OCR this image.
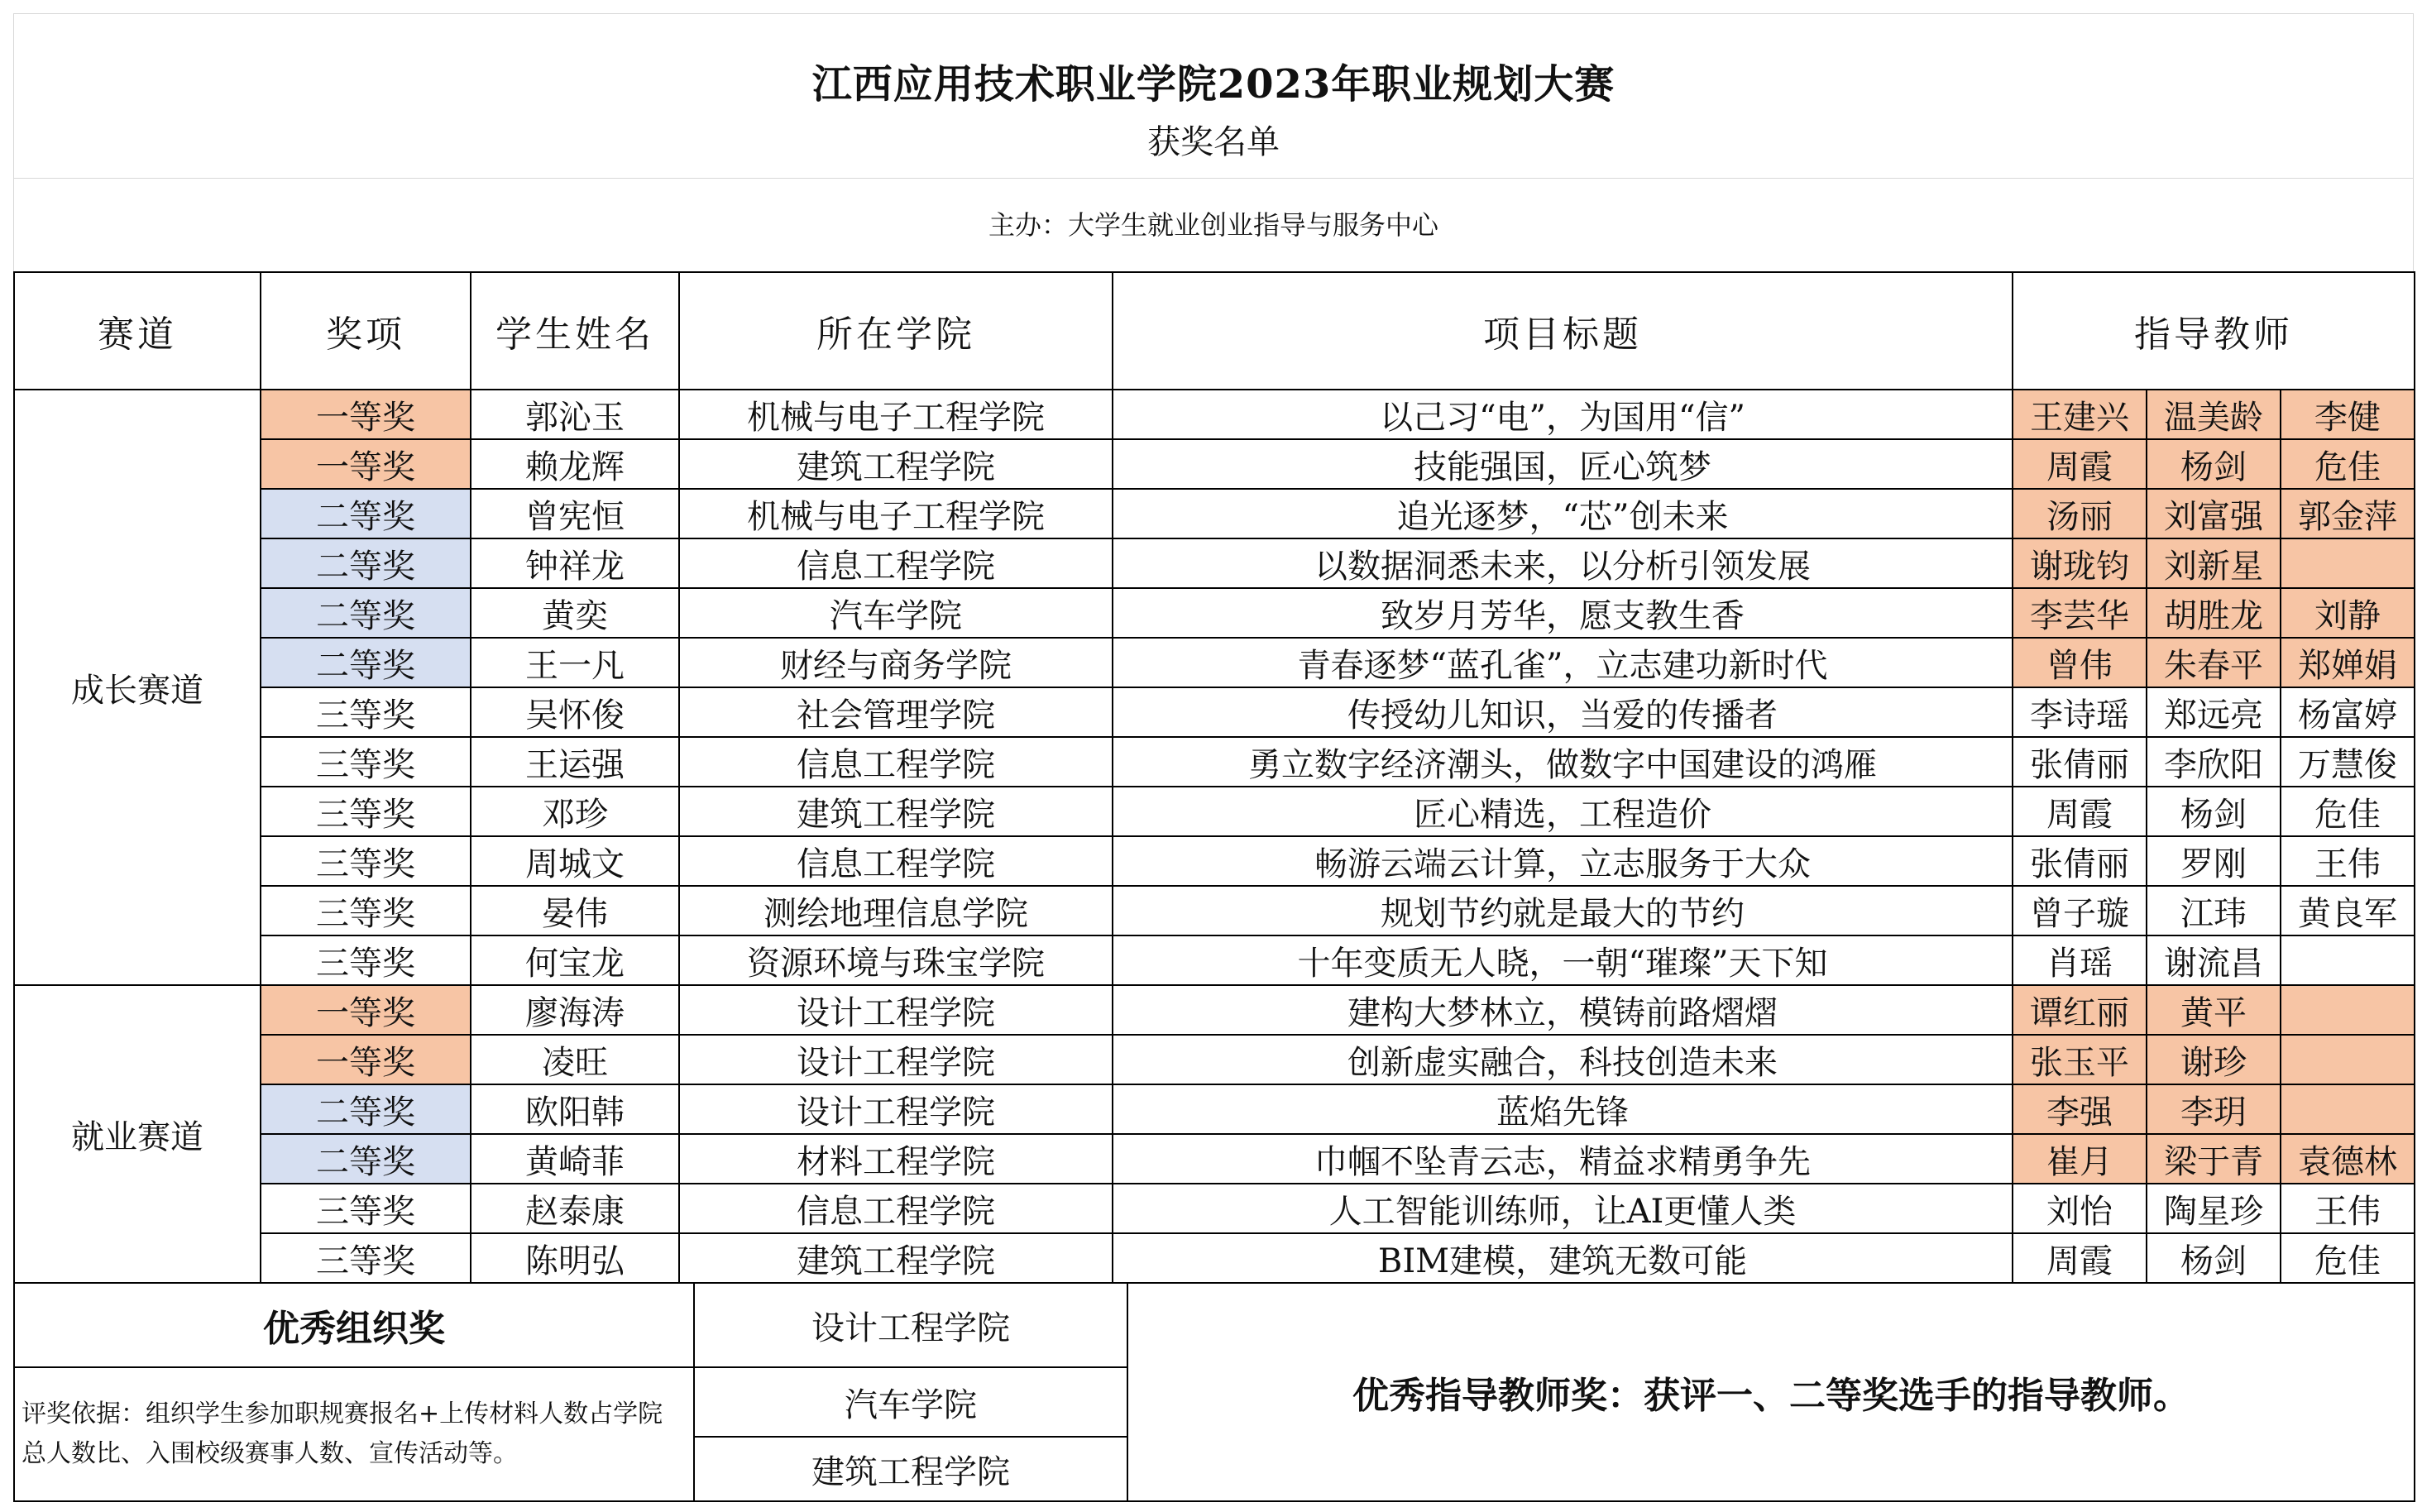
江西应用技术职业学院2023年职业规划大赛
获奖名单
主办：大学生就业创业指导与服务中心
赛道	奖项	学生姓名	所在学院	项目标题	指导教师		
成长赛道	一等奖	郭沁玉	机械与电子工程学院	以己习“电”，为国用“信”	王建兴	温美龄	李健
	一等奖	赖龙辉	建筑工程学院	技能强国，匠心筑梦	周霞	杨剑	危佳
	二等奖	曾宪恒	机械与电子工程学院	追光逐梦，“芯”创未来	汤丽	刘富强	郭金萍
	二等奖	钟祥龙	信息工程学院	以数据洞悉未来，以分析引领发展	谢珑钧	刘新星	
	二等奖	黄奕	汽车学院	致岁月芳华，愿支教生香	李芸华	胡胜龙	刘静
	二等奖	王一凡	财经与商务学院	青春逐梦“蓝孔雀”，立志建功新时代	曾伟	朱春平	郑婵娟
	三等奖	吴怀俊	社会管理学院	传授幼儿知识，当爱的传播者	李诗瑶	郑远亮	杨富婷
	三等奖	王运强	信息工程学院	勇立数字经济潮头，做数字中国建设的鸿雁	张倩丽	李欣阳	万慧俊
	三等奖	邓珍	建筑工程学院	匠心精选，工程造价	周霞	杨剑	危佳
	三等奖	周城文	信息工程学院	畅游云端云计算，立志服务于大众	张倩丽	罗刚	王伟
	三等奖	晏伟	测绘地理信息学院	规划节约就是最大的节约	曾子璇	江玮	黄良军
	三等奖	何宝龙	资源环境与珠宝学院	十年变质无人晓，一朝“璀璨”天下知	肖瑶	谢流昌	
就业赛道	一等奖	廖海涛	设计工程学院	建构大梦林立，模铸前路熠熠	谭红丽	黄平	
	一等奖	凌旺	设计工程学院	创新虚实融合，科技创造未来	张玉平	谢珍	
	二等奖	欧阳韩	设计工程学院	蓝焰先锋	李强	李玥	
	二等奖	黄崎菲	材料工程学院	巾帼不坠青云志，精益求精勇争先	崔月	梁于青	袁德林
	三等奖	赵泰康	信息工程学院	人工智能训练师，让AI更懂人类	刘怡	陶星珍	王伟
	三等奖	陈明弘	建筑工程学院	BIM建模，建筑无数可能	周霞	杨剑	危佳
优秀组织奖	设计工程学院	优秀指导教师奖：获评一、二等奖选手的指导教师。
评奖依据：组织学生参加职规赛报名+上传材料人数占学院总人数比、入围校级赛事人数、宣传活动等。	汽车学院	
	建筑工程学院	
